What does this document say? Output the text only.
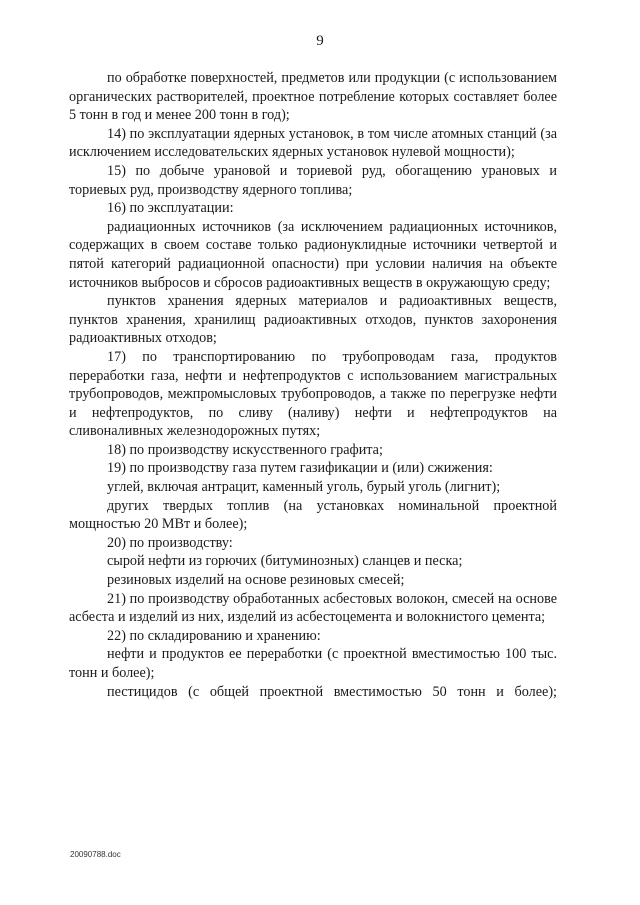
9

по обработке поверхностей, предметов или продукции (с использованием органических растворителей, проектное потребление которых составляет более 5 тонн в год и менее 200 тонн в год);

14) по эксплуатации ядерных установок, в том числе атомных станций (за исключением исследовательских ядерных установок нулевой мощности);

15) по добыче урановой и ториевой руд, обогащению урановых и ториевых руд, производству ядерного топлива;

16) по эксплуатации:

радиационных источников (за исключением радиационных источников, содержащих в своем составе только радионуклидные источники четвертой и пятой категорий радиационной опасности) при условии наличия на объекте источников выбросов и сбросов радиоактивных веществ в окружающую среду;

пунктов хранения ядерных материалов и радиоактивных веществ, пунктов хранения, хранилищ радиоактивных отходов, пунктов захоронения радиоактивных отходов;

17) по транспортированию по трубопроводам газа, продуктов переработки газа, нефти и нефтепродуктов с использованием магистральных трубопроводов, межпромысловых трубопроводов, а также по перегрузке нефти и нефтепродуктов, по сливу (наливу) нефти и нефтепродуктов на сливоналивных железнодорожных путях;

18) по производству искусственного графита;

19) по производству газа путем газификации и (или) сжижения:

углей, включая антрацит, каменный уголь, бурый уголь (лигнит);

других твердых топлив (на установках номинальной проектной мощностью 20 МВт и более);

20) по производству:

сырой нефти из горючих (битуминозных) сланцев и песка;

резиновых изделий на основе резиновых смесей;

21) по производству обработанных асбестовых волокон, смесей на основе асбеста и изделий из них, изделий из асбестоцемента и волокнистого цемента;

22) по складированию и хранению:

нефти и продуктов ее переработки (с проектной вместимостью 100 тыс. тонн и более);

пестицидов (с общей проектной вместимостью 50 тонн и более);

20090788.doc
